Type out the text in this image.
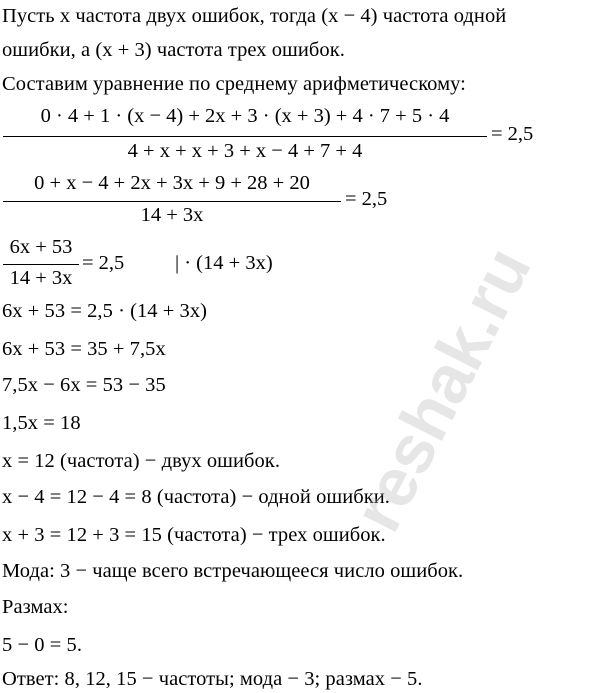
Пусть x частота двух ошибок, тогда (x − 4) частота одной
ошибки, а (x + 3) частота трех ошибок.
Составим уравнение по среднему арифметическому:
0 · 4 + 1 · (x − 4) + 2x + 3 · (x + 3) + 4 · 7 + 5 · 4
4 + x + x + 3 + x − 4 + 7 + 4
= 2,5
0 + x − 4 + 2x + 3x + 9 + 28 + 20
14 + 3x
= 2,5
6x + 53
14 + 3x
= 2,5 | · (14 + 3x)
6x + 53 = 2,5 · (14 + 3x)
6x + 53 = 35 + 7,5x
7,5x − 6x = 53 − 35
1,5x = 18
x = 12 (частота) − двух ошибок.
x − 4 = 12 − 4 = 8 (частота) − одной ошибки.
x + 3 = 12 + 3 = 15 (частота) − трех ошибок.
Мода: 3 − чаще всего встречающееся число ошибок.
Размах:
5 − 0 = 5.
Ответ: 8, 12, 15 − частоты; мода − 3; размах − 5.
reshak.ru
